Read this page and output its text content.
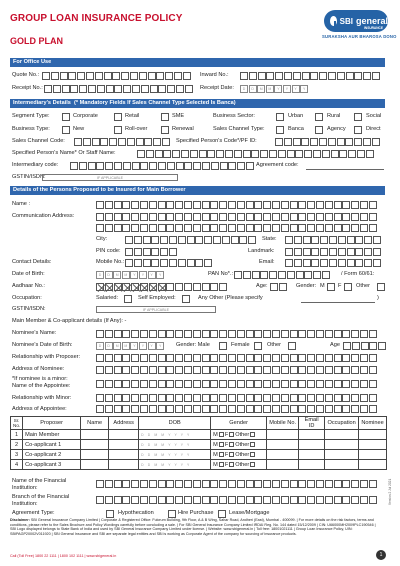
GROUP LOAN INSURANCE POLICY
GOLD PLAN
SBI general
INSURANCE
SURAKSHA AUR BHAROSA DONO
For Office Use
Quote No.:	Inward No.:
Receipt No.:	Receipt Date:	D	D	M	M	Y	Y	Y	Y
Intermediary's Details (* Mandatory Fields If Sales Channel Type Selected Is Banca)
Segment Type:	Corporate	Retail	SME	Business Sector:	Urban	Rural	Social
Business Type:	New	Roll-over	Renewal	Sales Channel Type:	Banca	Agency	Direct
Sales Channel Code:	Specified Person's Code*/PF ID:
Specified Person's Name* Or Staff Name:
Intermediary code:	Agreement code:
GSTIN/ISDN:	IF APPLICABLE
Details of the Persons Proposed to be Insured for Main Borrower
Name :
Communication Address:
City:	State:
PIN code:	Landmark:
Contact Details:	Mobile No.:	Email:
Date of Birth:	D	D	M	M	Y	Y	Y	Y	PAN No*.:	/ Form 60/61:
Aadhaar No.:	Age:	Gender: M F	Other
Occupation:	Salaried:	Self Employed:	Any Other (Please specify	)
GSTIN/ISDN:	IF APPLICABLE
Main Member & Co-applicant details (If Any): -
Nominee's Name:
Nominee's Date of Birth:	D	D	M	M	Y	Y	Y	Y	Gender: Male	Female	Other	Age
Relationship with Proposer:
Address of Nominee:
*If nominee is a minor:
Name of the Appointee:
Relationship with Minor:
Address of Appointee:
Sr. No.	Proposer	Name	Address	DOB	Gender	Mobile No.	Email ID	Occupation	Nominee
1	Main Member			D D M M Y Y Y Y	M F Other				

2	Co-applicant 1			D D M M Y Y Y Y	M F Other				

3	Co-applicant 2			D D M M Y Y Y Y	M F Other				

4	Co-applicant 3			D D M M Y Y Y Y	M F Other				

Name of the Financial
Institution:
Branch of the Financial
Institution:
Agreement Type:	Hypothecation	Hire Purchase	Lease/Mortgage
Disclaimer: SBI General Insurance Company Limited | Corporate & Registered Office: Fulcrum Building, 9th Floor, A & B Wing, Sahar Road, Andheri (East), Mumbai - 400099. | For more details on the risk factors, terms and conditions, please refer to the Sales Brochure and Policy Wordings carefully before concluding a sale. | For SBI General Insurance Company Limited IRDAI Reg. No. 144 dated 15/12/2009 | CIN: U66000MH2009PLC190546 | SBI Logo displayed belongs to State Bank of India and used by SBI General Insurance Company Limited under license. | Website: www.sbigeneral.in | Toll free: 18001021111 | Group Loan Insurance Policy, UIN: SBIPAGP20002V011920 | SBI General Insurance and SBI are separate legal entities and SBI is working as Corporate Agent of the company for sourcing of insurance products.
Call (Toll Free) 1800 22 1111 | 1800 102 1111 | www.sbigeneral.in	1
Version 2 Jul 2021
